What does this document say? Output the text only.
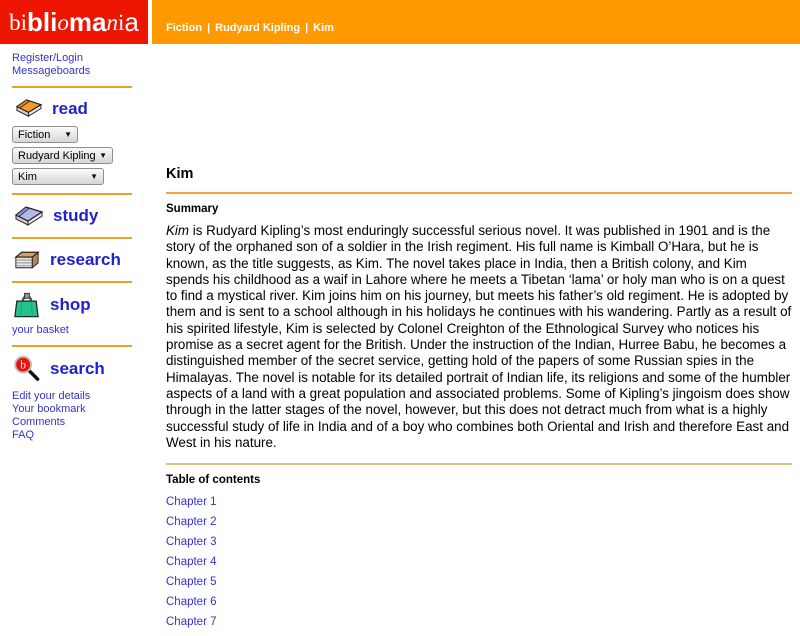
bi bli o ma n i a	Fiction | Rudyard Kipling | Kim
Register/Login
Messageboards
read
Fiction ▼
Rudyard Kipling ▼
Kim	▼
study
research
shop
your basket
b search
Edit your details
Your bookmark
Comments
FAQ
Kim
Summary

Kim is Rudyard Kipling’s most enduringly successful serious novel. It was published in 1901 and is the story of the orphaned son of a soldier in the Irish regiment. His full name is Kimball O’Hara, but he is known, as the title suggests, as Kim. The novel takes place in India, then a British colony, and Kim spends his childhood as a waif in Lahore where he meets a Tibetan ‘lama’ or holy man who is on a quest to find a mystical river. Kim joins him on his journey, but meets his father’s old regiment. He is adopted by them and is sent to a school although in his holidays he continues with his wandering. Partly as a result of his spirited lifestyle, Kim is selected by Colonel Creighton of the Ethnological Survey who notices his promise as a secret agent for the British. Under the instruction of the Indian, Hurree Babu, he becomes a distinguished member of the secret service, getting hold of the papers of some Russian spies in the Himalayas. The novel is notable for its detailed portrait of Indian life, its religions and some of the humbler aspects of a land with a great population and associated problems. Some of Kipling’s jingoism does show through in the latter stages of the novel, however, but this does not detract much from what is a highly successful study of life in India and of a boy who combines both Oriental and Irish and therefore East and West in his nature.

Table of contents
Chapter 1
Chapter 2
Chapter 3
Chapter 4
Chapter 5
Chapter 6
Chapter 7
